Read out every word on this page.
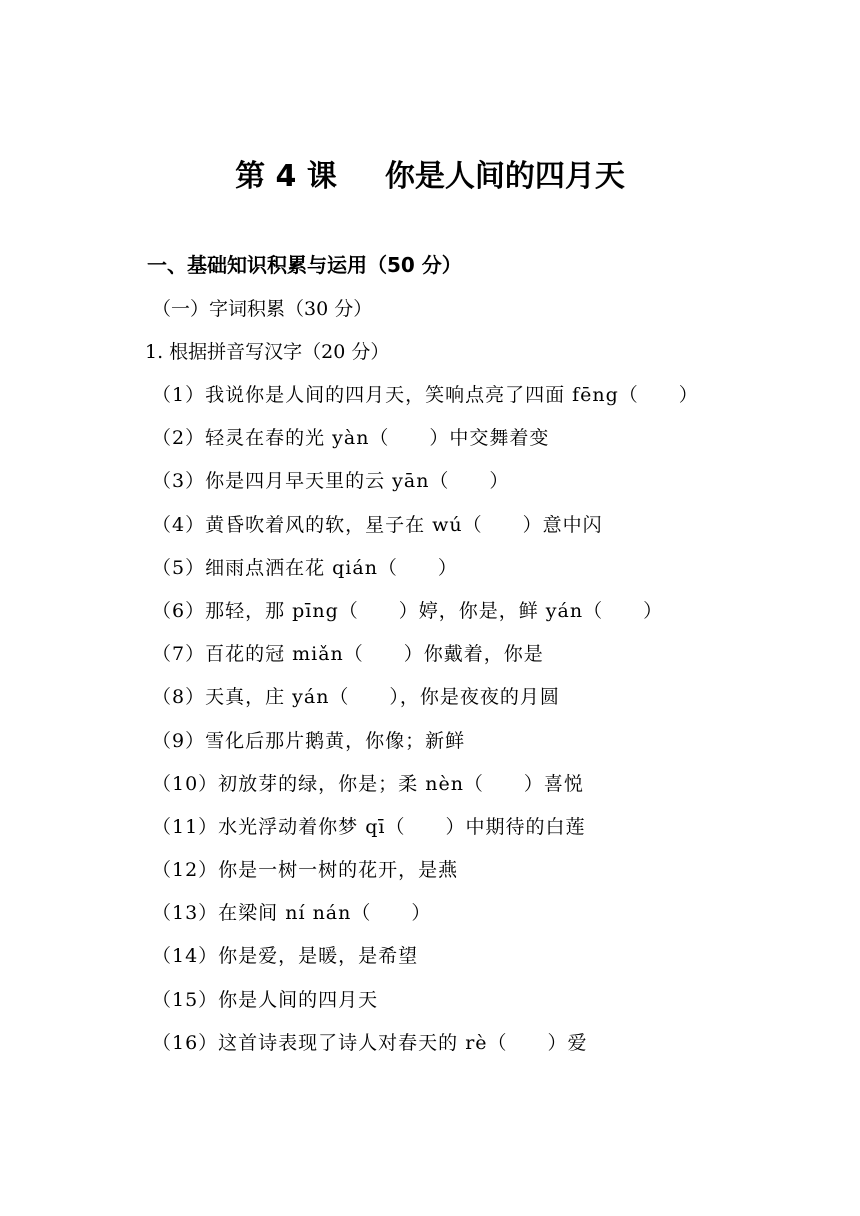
第 4 课 你是人间的四月天
一、基础知识积累与运用（50 分）
（一）字词积累（30 分）
1. 根据拼音写汉字（20 分）
（1）我说你是人间的四月天，笑响点亮了四面 fēng（　　）
（2）轻灵在春的光 yàn（　　）中交舞着变
（3）你是四月早天里的云 yān（　　）
（4）黄昏吹着风的软，星子在 wú（　　）意中闪
（5）细雨点洒在花 qián（　　）
（6）那轻，那 pīng（　　）婷，你是，鲜 yán（　　）
（7）百花的冠 miǎn（　　）你戴着，你是
（8）天真，庄 yán（　　），你是夜夜的月圆
（9）雪化后那片鹅黄，你像；新鲜
（10）初放芽的绿，你是；柔 nèn（　　）喜悦
（11）水光浮动着你梦 qī（　　）中期待的白莲
（12）你是一树一树的花开，是燕
（13）在梁间 ní nán（　　）
（14）你是爱，是暖，是希望
（15）你是人间的四月天
（16）这首诗表现了诗人对春天的 rè（　　）爱
